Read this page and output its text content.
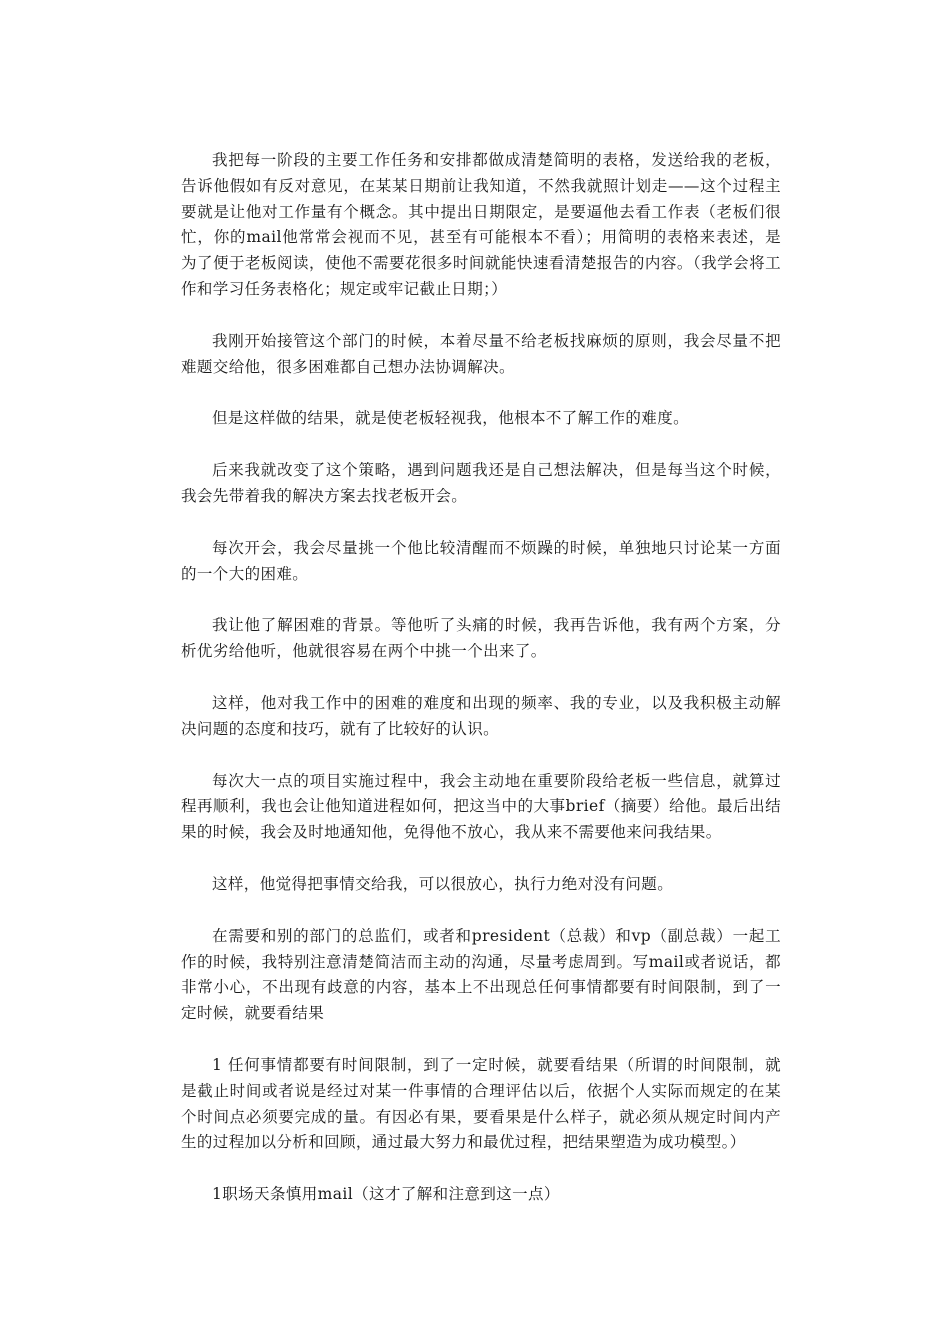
我把每一阶段的主要工作任务和安排都做成清楚简明的表格，发送给我的老板，告诉他假如有反对意见，在某某日期前让我知道，不然我就照计划走——这个过程主要就是让他对工作量有个概念。其中提出日期限定，是要逼他去看工作表（老板们很忙，你的mail他常常会视而不见，甚至有可能根本不看）；用简明的表格来表述，是为了便于老板阅读，使他不需要花很多时间就能快速看清楚报告的内容。（我学会将工作和学习任务表格化；规定或牢记截止日期；）

我刚开始接管这个部门的时候，本着尽量不给老板找麻烦的原则，我会尽量不把难题交给他，很多困难都自己想办法协调解决。

但是这样做的结果，就是使老板轻视我，他根本不了解工作的难度。

后来我就改变了这个策略，遇到问题我还是自己想法解决，但是每当这个时候，我会先带着我的解决方案去找老板开会。

每次开会，我会尽量挑一个他比较清醒而不烦躁的时候，单独地只讨论某一方面的一个大的困难。

我让他了解困难的背景。等他听了头痛的时候，我再告诉他，我有两个方案，分析优劣给他听，他就很容易在两个中挑一个出来了。

这样，他对我工作中的困难的难度和出现的频率、我的专业，以及我积极主动解决问题的态度和技巧，就有了比较好的认识。

每次大一点的项目实施过程中，我会主动地在重要阶段给老板一些信息，就算过程再顺利，我也会让他知道进程如何，把这当中的大事brief（摘要）给他。最后出结果的时候，我会及时地通知他，免得他不放心，我从来不需要他来问我结果。

这样，他觉得把事情交给我，可以很放心，执行力绝对没有问题。

在需要和别的部门的总监们，或者和president（总裁）和vp（副总裁）一起工作的时候，我特别注意清楚简洁而主动的沟通，尽量考虑周到。写mail或者说话，都非常小心，不出现有歧意的内容，基本上不出现总任何事情都要有时间限制，到了一定时候，就要看结果

1 任何事情都要有时间限制，到了一定时候，就要看结果（所谓的时间限制，就是截止时间或者说是经过对某一件事情的合理评估以后，依据个人实际而规定的在某个时间点必须要完成的量。有因必有果，要看果是什么样子，就必须从规定时间内产生的过程加以分析和回顾，通过最大努力和最优过程，把结果塑造为成功模型。）

1职场天条慎用mail（这才了解和注意到这一点）
